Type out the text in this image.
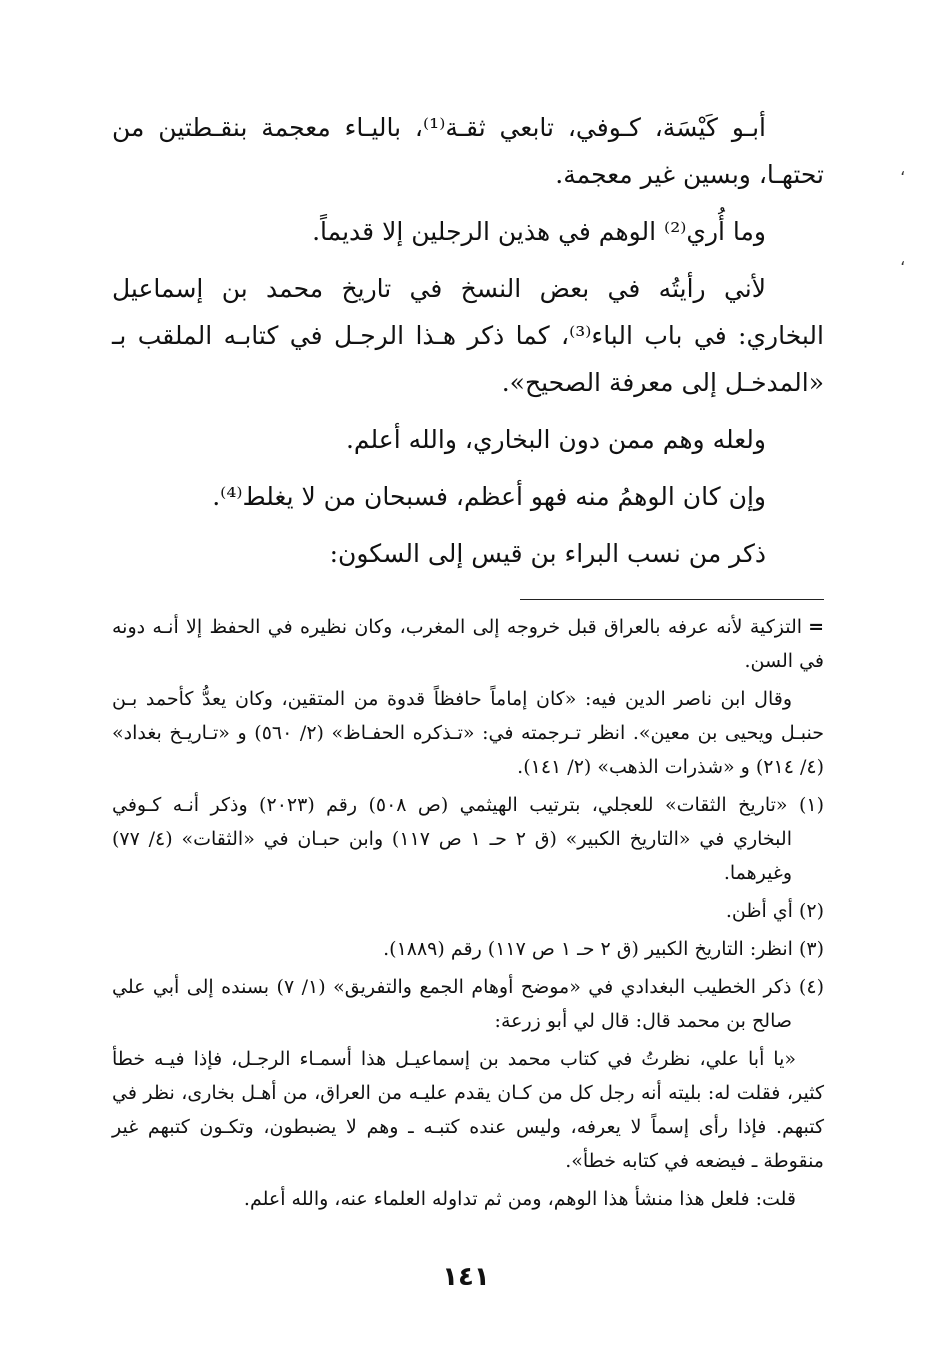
أبـو كَيْسَة، كـوفي، تابعي ثقـة⁽¹⁾، باليـاء معجمة بنقـطتين من تحتهـا، وبسين غير معجمة.

وما أُري⁽²⁾ الوهم في هذين الرجلين إلا قديماً.

لأني رأيتُه في بعض النسخ في تاريخ محمد بن إسماعيل البخاري: في باب الباء⁽³⁾، كما ذكر هـذا الرجـل في كتابـه الملقب بـ «المدخـل إلى معرفة الصحيح».

ولعله وهم ممن دون البخاري، والله أعلم.

وإن كان الوهمُ منه فهو أعظم، فسبحان من لا يغلط⁽⁴⁾.

ذكر من نسب البراء بن قيس إلى السكون:

=التزكية لأنه عرفه بالعراق قبل خروجه إلى المغرب، وكان نظيره في الحفظ إلا أنـه دونه في السن.

وقال ابن ناصر الدين فيه: «كان إماماً حافظاً قدوة من المتقين، وكان يعدُّ كأحمد بـن حنبـل ويحيى بن معين». انظر تـرجمته في: «تـذكره الحفـاظ» (٢/ ٥٦٠) و «تـاريـخ بغداد» (٤/ ٢١٤) و «شذرات الذهب» (٢/ ١٤١).

(١) «تاريخ الثقات» للعجلي، بترتيب الهيثمي (ص ٥٠٨) رقم (٢٠٢٣) وذكر أنـه كـوفي البخاري في «التاريخ الكبير» (ق ٢ حـ ١ ص ١١٧) وابن حبـان في «الثقات» (٤/ ٧٧) وغيرهما.

(٢) أي أظن.

(٣) انظر: التاريخ الكبير (ق ٢ حـ ١ ص ١١٧) رقم (١٨٨٩).

(٤) ذكر الخطيب البغدادي في «موضح أوهام الجمع والتفريق» (١/ ٧) بسنده إلى أبي علي صالح بن محمد قال: قال لي أبو زرعة:

«يا أبا علي، نظرتُ في كتاب محمد بن إسماعيـل هذا أسمـاء الرجـل، فإذا فيـه خطأ كثير، فقلت له: بليته أنه رجل كل من كـان يقدم عليـه من العراق، من أهـل بخارى، نظر في كتبهم. فإذا رأى إسماً لا يعرفه، وليس عنده كتبـه ـ وهم لا يضبطون، وتكـون كتبهم غير منقوطة ـ فيضعه في كتابه خطأ».

قلت: فلعل هذا منشأ هذا الوهم، ومن ثم تداوله العلماء عنه، والله أعلم.

،
،
١٤١
